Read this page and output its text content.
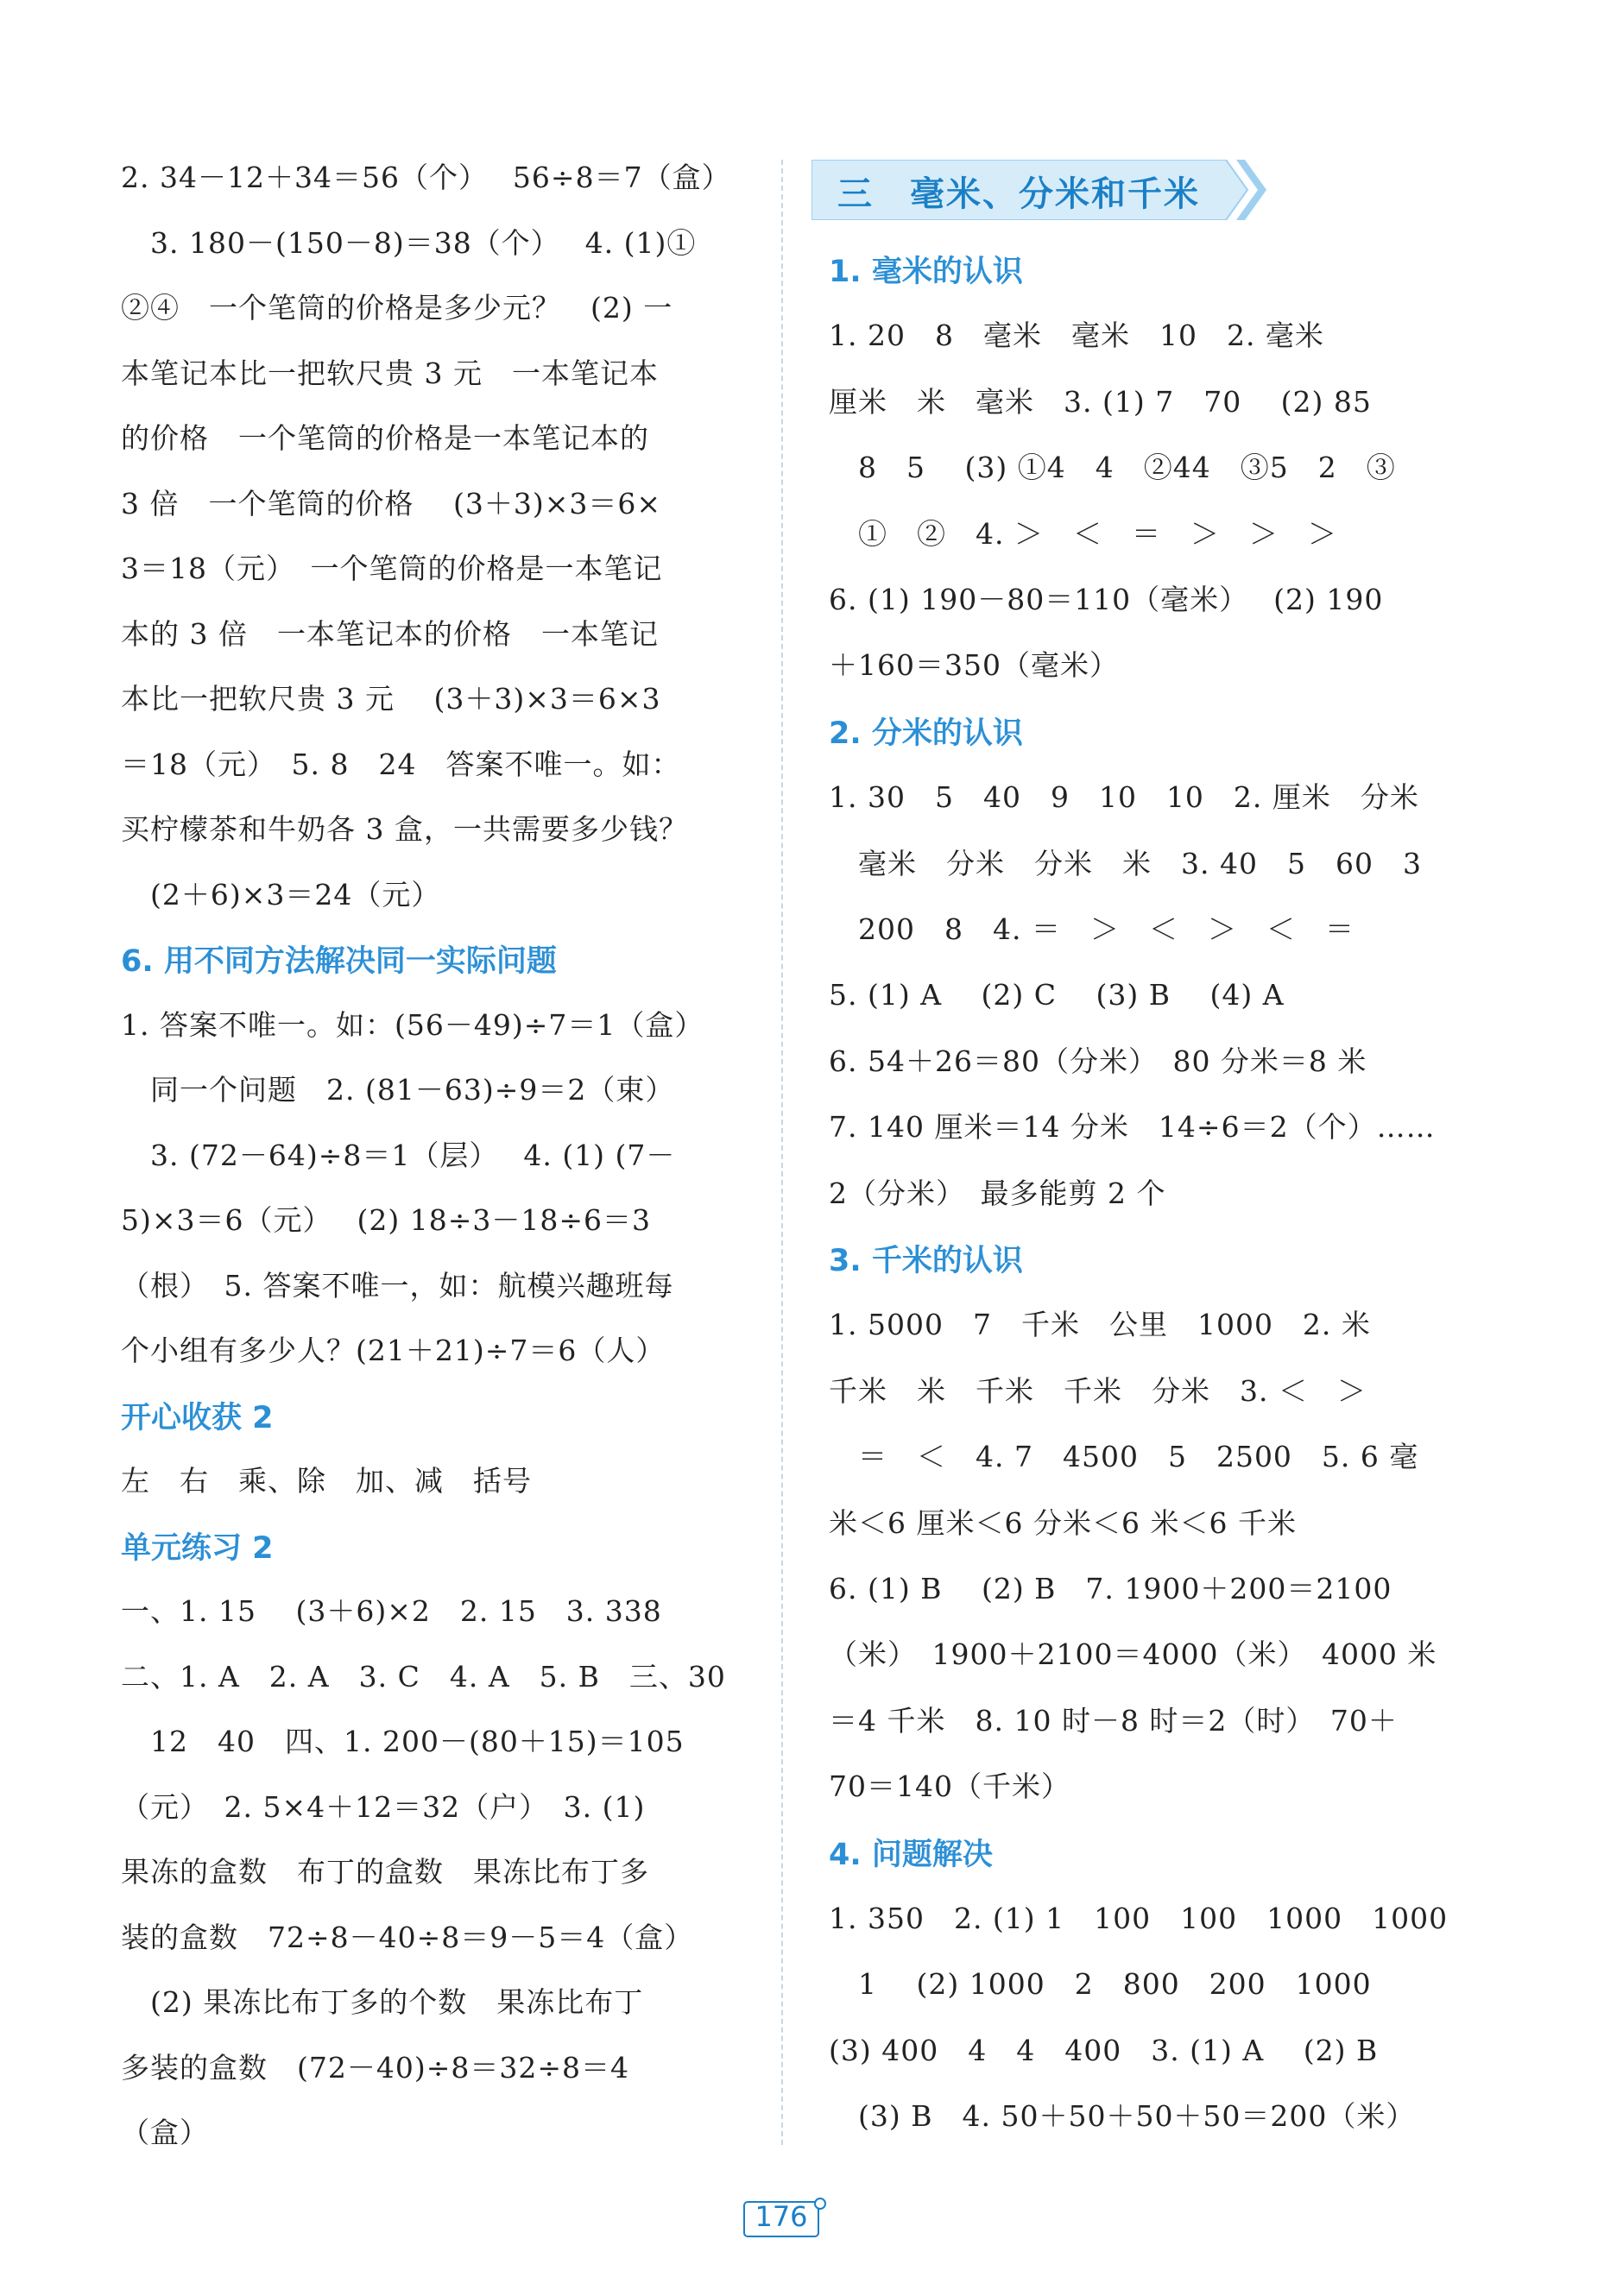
2. 34－12＋34＝56（个）　 56÷8＝7（盒）
　3. 180－(150－8)＝38（个）　 4. (1)①
②④　一个笔筒的价格是多少元？　(2) 一
本笔记本比一把软尺贵 3 元　一本笔记本
的价格　一个笔筒的价格是一本笔记本的
3 倍　一个笔筒的价格　 (3＋3)×3＝6×
3＝18（元）　一个笔筒的价格是一本笔记
本的 3 倍　一本笔记本的价格　一本笔记
本比一把软尺贵 3 元　 (3＋3)×3＝6×3
＝18（元）　5. 8　24　答案不唯一。如：
买柠檬茶和牛奶各 3 盒，一共需要多少钱？
　(2＋6)×3＝24（元）
6. 用不同方法解决同一实际问题
1. 答案不唯一。如：(56－49)÷7＝1（盒）
　同一个问题　2. (81－63)÷9＝2（束）
　3. (72－64)÷8＝1（层）　 4. (1) (7－
5)×3＝6（元）　 (2) 18÷3－18÷6＝3
（根）　5. 答案不唯一，如：航模兴趣班每
个小组有多少人？(21＋21)÷7＝6（人）
开心收获 2
左　右　乘、除　加、减　括号
单元练习 2
一、1. 15　 (3＋6)×2　2. 15　3. 338
二、1. A　2. A　3. C　4. A　5. B　三、30
　12　40　四、1. 200－(80＋15)＝105
（元）　2. 5×4＋12＝32（户）　3. (1)
果冻的盒数　布丁的盒数　果冻比布丁多
装的盒数　72÷8－40÷8＝9－5＝4（盒）
　(2) 果冻比布丁多的个数　果冻比布丁
多装的盒数　(72－40)÷8＝32÷8＝4
（盒）
三　毫米、分米和千米
1. 毫米的认识
1. 20　8　毫米　毫米　10　2. 毫米
厘米　米　毫米　3. (1) 7　70　 (2) 85
　8　5　 (3) ①4　4　②44　③5　2　③
　①　②　4. ＞　＜　＝　＞　＞　＞
6. (1) 190－80＝110（毫米）　 (2) 190
＋160＝350（毫米）
2. 分米的认识
1. 30　5　40　9　10　10　2. 厘米　分米
　毫米　分米　分米　米　3. 40　5　60　3
　200　8　4. ＝　＞　＜　＞　＜　＝
5. (1) A　 (2) C　 (3) B　 (4) A
6. 54＋26＝80（分米）　80 分米＝8 米
7. 140 厘米＝14 分米　14÷6＝2（个）……
2（分米）　最多能剪 2 个
3. 千米的认识
1. 5000　7　千米　公里　1000　2. 米
千米　米　千米　千米　分米　3. ＜　＞
　＝　＜　4. 7　4500　5　2500　5. 6 毫
米＜6 厘米＜6 分米＜6 米＜6 千米
6. (1) B　 (2) B　7. 1900＋200＝2100
（米）　1900＋2100＝4000（米）　4000 米
＝4 千米　8. 10 时－8 时＝2（时）　70＋
70＝140（千米）
4. 问题解决
1. 350　2. (1) 1　100　100　1000　1000
　1　 (2) 1000　2　800　200　1000
(3) 400　4　4　400　3. (1) A　 (2) B
　(3) B　4. 50＋50＋50＋50＝200（米）
176
